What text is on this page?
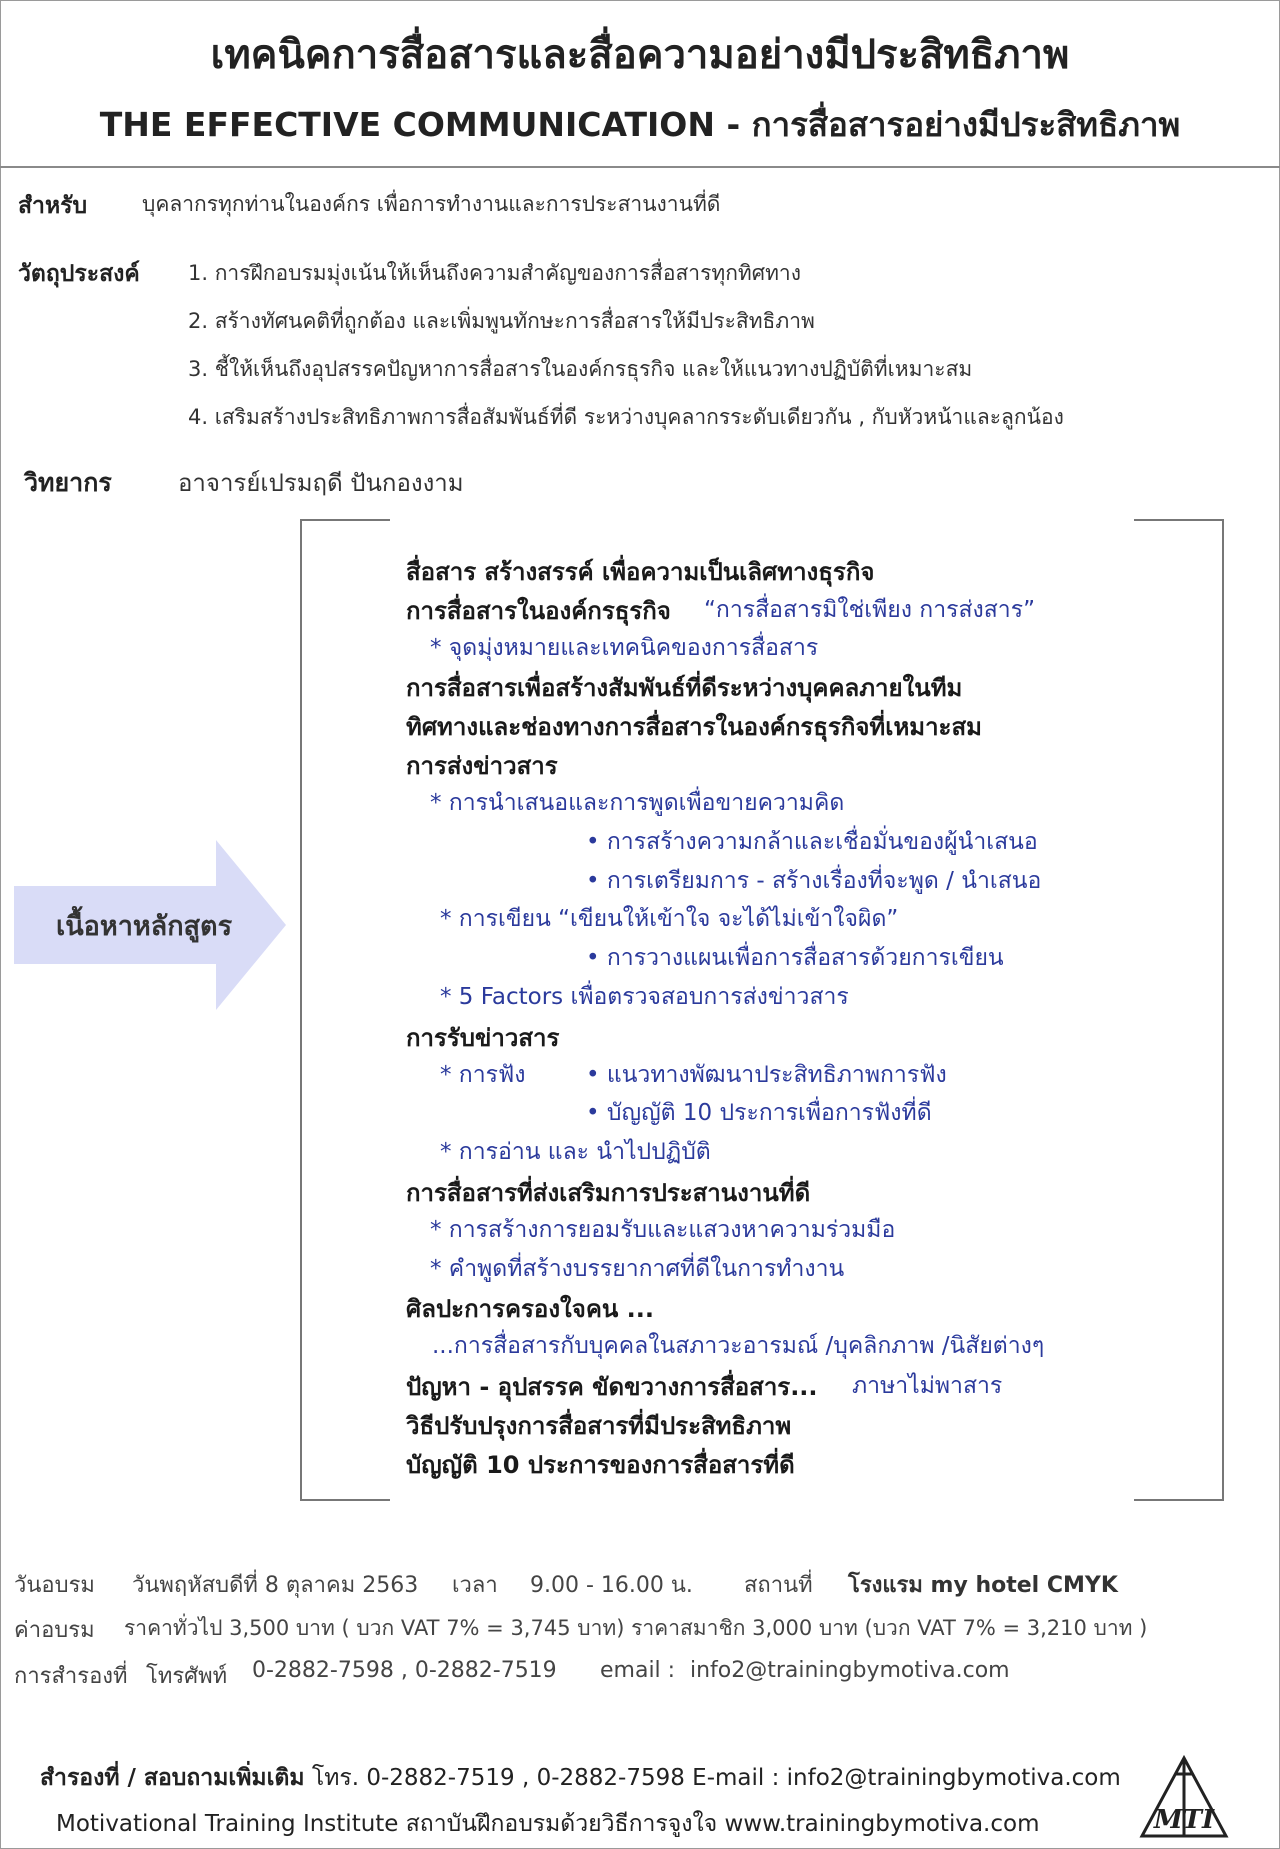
เทคนิคการสื่อสารและสื่อความอย่างมีประสิทธิภาพ
THE EFFECTIVE COMMUNICATION - การสื่อสารอย่างมีประสิทธิภาพ
สำหรับ	บุคลากรทุกท่านในองค์กร เพื่อการทำงานและการประสานงานที่ดี
วัตถุประสงค์ 1. การฝึกอบรมมุ่งเน้นให้เห็นถึงความสำคัญของการสื่อสารทุกทิศทาง
2. สร้างทัศนคติที่ถูกต้อง และเพิ่มพูนทักษะการสื่อสารให้มีประสิทธิภาพ
3. ชี้ให้เห็นถึงอุปสรรคปัญหาการสื่อสารในองค์กรธุรกิจ และให้แนวทางปฏิบัติที่เหมาะสม
4. เสริมสร้างประสิทธิภาพการสื่อสัมพันธ์ที่ดี ระหว่างบุคลากรระดับเดียวกัน , กับหัวหน้าและลูกน้อง
วิทยากร	อาจารย์เปรมฤดี ปันกองงาม
เนื้อหาหลักสูตร
สื่อสาร สร้างสรรค์ เพื่อความเป็นเลิศทางธุรกิจ
การสื่อสารในองค์กรธุรกิจ “การสื่อสารมิใช่เพียง การส่งสาร”
* จุดมุ่งหมายและเทคนิคของการสื่อสาร
การสื่อสารเพื่อสร้างสัมพันธ์ที่ดีระหว่างบุคคลภายในทีม
ทิศทางและช่องทางการสื่อสารในองค์กรธุรกิจที่เหมาะสม
การส่งข่าวสาร
* การนำเสนอและการพูดเพื่อขายความคิด
• การสร้างความกล้าและเชื่อมั่นของผู้นำเสนอ
• การเตรียมการ - สร้างเรื่องที่จะพูด / นำเสนอ
* การเขียน “เขียนให้เข้าใจ จะได้ไม่เข้าใจผิด”
• การวางแผนเพื่อการสื่อสารด้วยการเขียน
* 5 Factors เพื่อตรวจสอบการส่งข่าวสาร
การรับข่าวสาร
* การฟัง	• แนวทางพัฒนาประสิทธิภาพการฟัง
• บัญญัติ 10 ประการเพื่อการฟังที่ดี
* การอ่าน และ นำไปปฏิบัติ
การสื่อสารที่ส่งเสริมการประสานงานที่ดี
* การสร้างการยอมรับและแสวงหาความร่วมมือ
* คำพูดที่สร้างบรรยากาศที่ดีในการทำงาน
ศิลปะการครองใจคน ...
...การสื่อสารกับบุคคลในสภาวะอารมณ์ /บุคลิกภาพ /นิสัยต่างๆ
ปัญหา - อุปสรรค ขัดขวางการสื่อสาร... ภาษาไม่พาสาร
วิธีปรับปรุงการสื่อสารที่มีประสิทธิภาพ
บัญญัติ 10 ประการของการสื่อสารที่ดี
วันอบรม วันพฤหัสบดีที่ 8 ตุลาคม 2563 เวลา 9.00 - 16.00 น. สถานที่ โรงแรม my hotel CMYK
ค่าอบรม ราคาทั่วไป 3,500 บาท ( บวก VAT 7% = 3,745 บาท) ราคาสมาชิก 3,000 บาท (บวก VAT 7% = 3,210 บาท )
การสำรองที่ โทรศัพท์ 0-2882-7598 , 0-2882-7519 email : info2@trainingbymotiva.com
สำรองที่ / สอบถามเพิ่มเติม โทร. 0-2882-7519 , 0-2882-7598 E-mail : info2@trainingbymotiva.com
Motivational Training Institute สถาบันฝึกอบรมด้วยวิธีการจูงใจ www.trainingbymotiva.com	MTI
